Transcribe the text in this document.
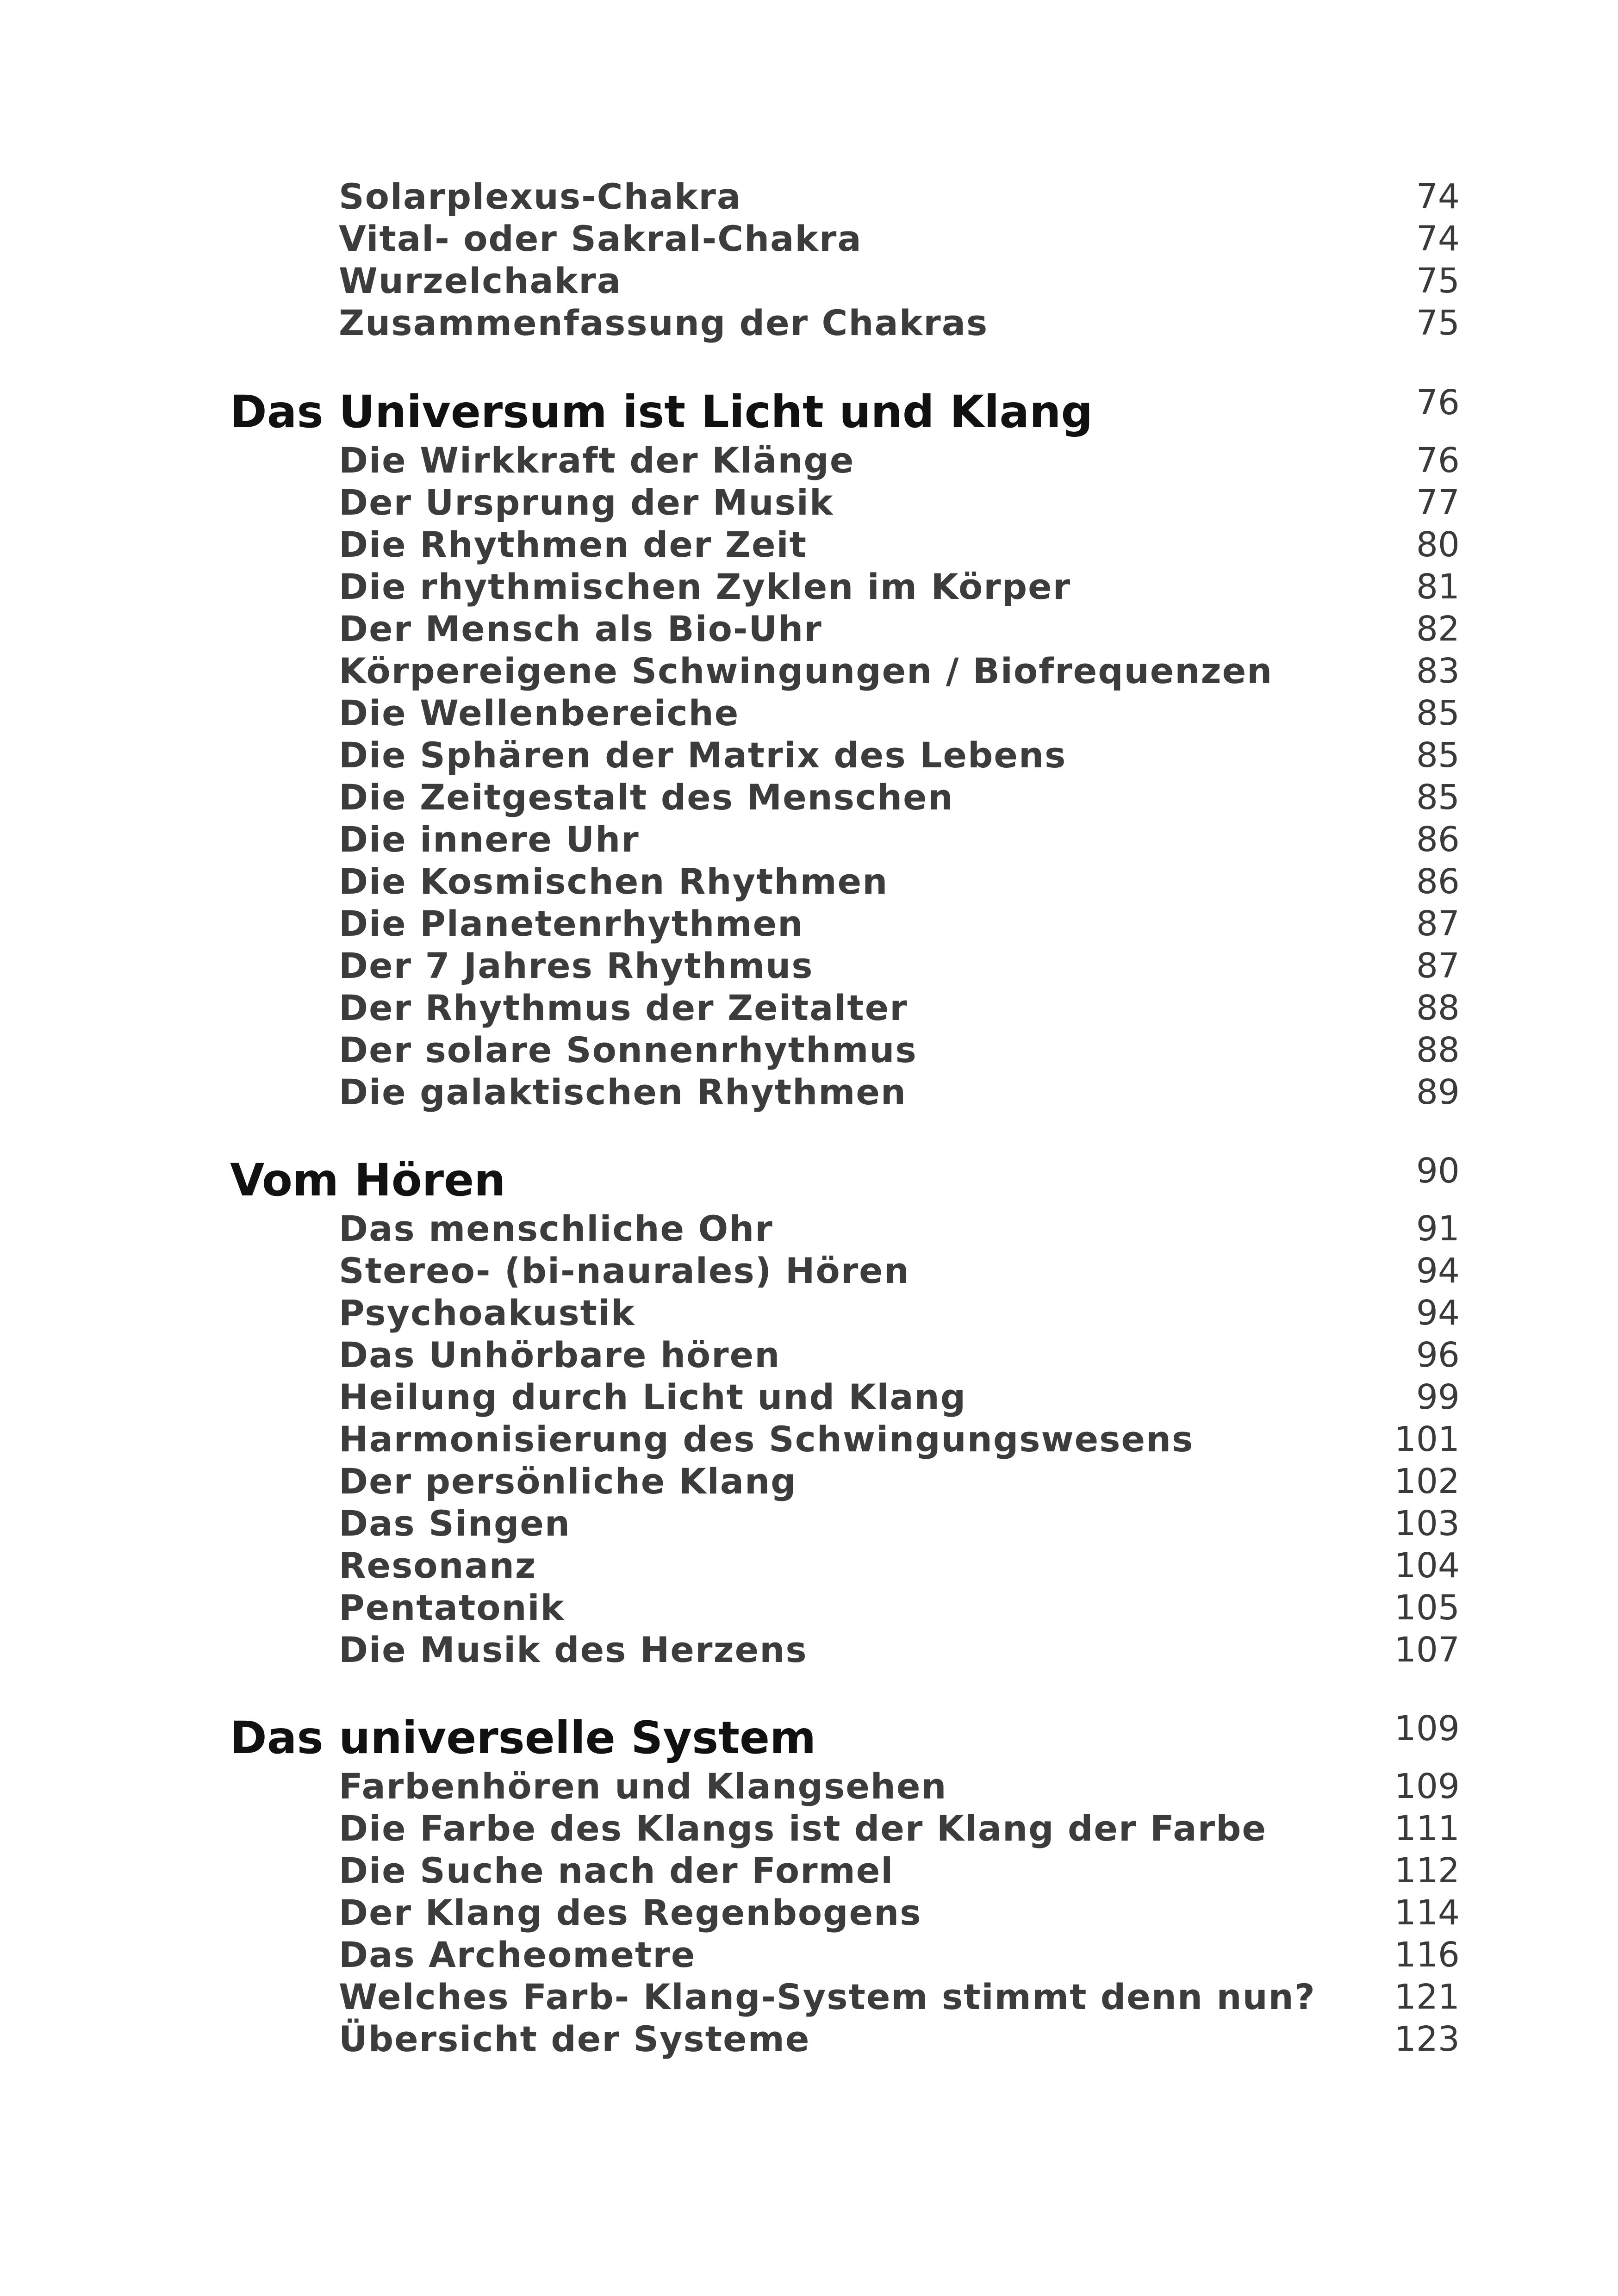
Solarplexus-Chakra	74
Vital- oder Sakral-Chakra	74
Wurzelchakra	75
Zusammenfassung der Chakras	75
Das Universum ist Licht und Klang	76
Die Wirkkraft der Klänge	76
Der Ursprung der Musik	77
Die Rhythmen der Zeit	80
Die rhythmischen Zyklen im Körper	81
Der Mensch als Bio-Uhr	82
Körpereigene Schwingungen / Biofrequenzen	83
Die Wellenbereiche	85
Die Sphären der Matrix des Lebens	85
Die Zeitgestalt des Menschen	85
Die innere Uhr	86
Die Kosmischen Rhythmen	86
Die Planetenrhythmen	87
Der 7 Jahres Rhythmus	87
Der Rhythmus der Zeitalter	88
Der solare Sonnenrhythmus	88
Die galaktischen Rhythmen	89
Vom Hören	90
Das menschliche Ohr	91
Stereo- (bi-naurales) Hören	94
Psychoakustik	94
Das Unhörbare hören	96
Heilung durch Licht und Klang	99
Harmonisierung des Schwingungswesens	101
Der persönliche Klang	102
Das Singen	103
Resonanz	104
Pentatonik	105
Die Musik des Herzens	107
Das universelle System	109
Farbenhören und Klangsehen	109
Die Farbe des Klangs ist der Klang der Farbe	111
Die Suche nach der Formel	112
Der Klang des Regenbogens	114
Das Archeometre	116
Welches Farb- Klang-System stimmt denn nun? 121
Übersicht der Systeme	123
